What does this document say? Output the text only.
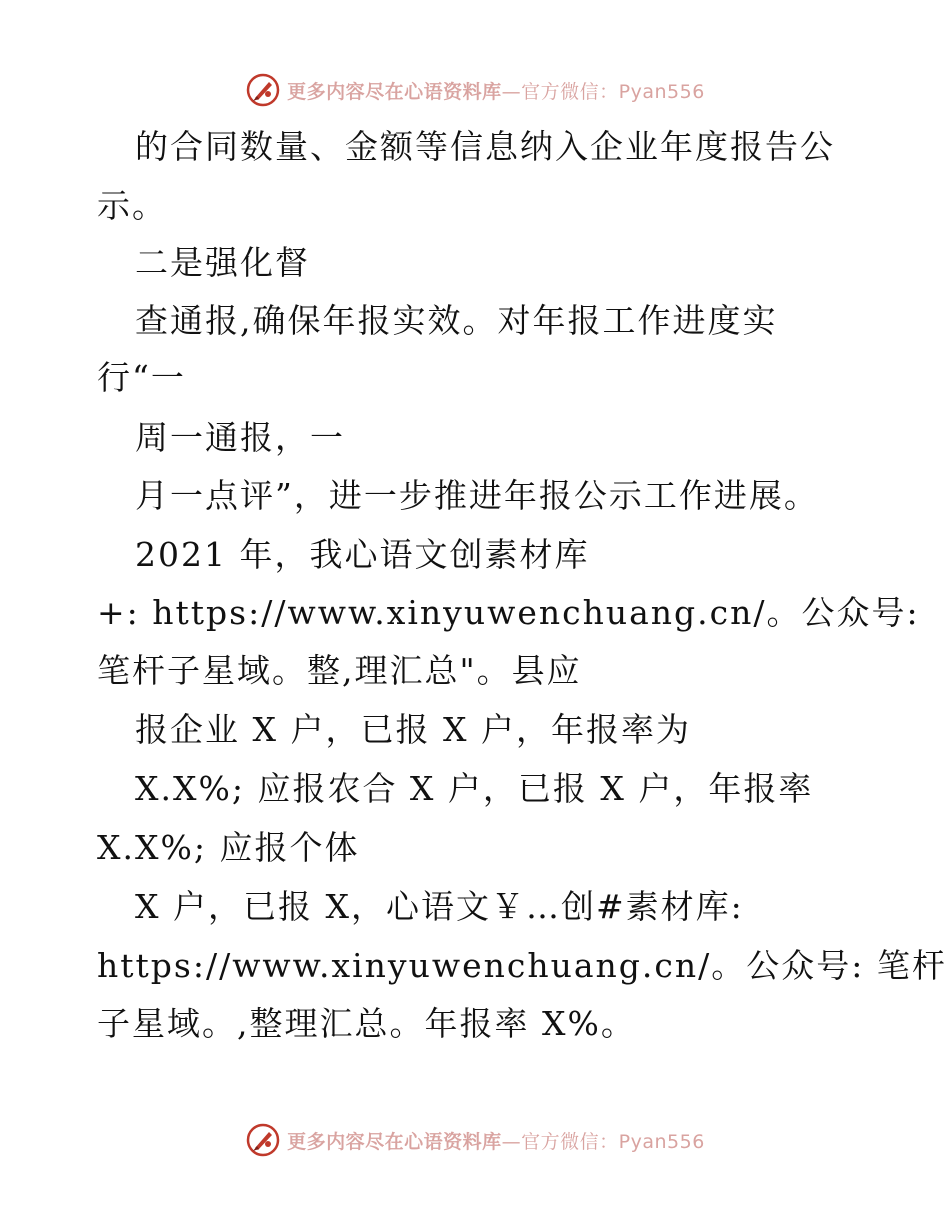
更多内容尽在心语资料库—官方微信：Pyan556
的合同数量、金额等信息纳入企业年度报告公
示。
二是强化督
查通报,确保年报实效。对年报工作进度实
行“一
周一通报，一
月一点评”，进一步推进年报公示工作进展。
2021 年，我心语文创素材库
+: https://www.xinyuwenchuang.cn/。公众号:
笔杆子星域。整,理汇总"。县应
报企业 X 户，已报 X 户，年报率为
X.X%; 应报农合 X 户，已报 X 户，年报率
X.X%; 应报个体
X 户，已报 X，心语文￥…创#素材库:
https://www.xinyuwenchuang.cn/。公众号: 笔杆
子星域。,整理汇总。年报率 X%。
更多内容尽在心语资料库—官方微信：Pyan556
